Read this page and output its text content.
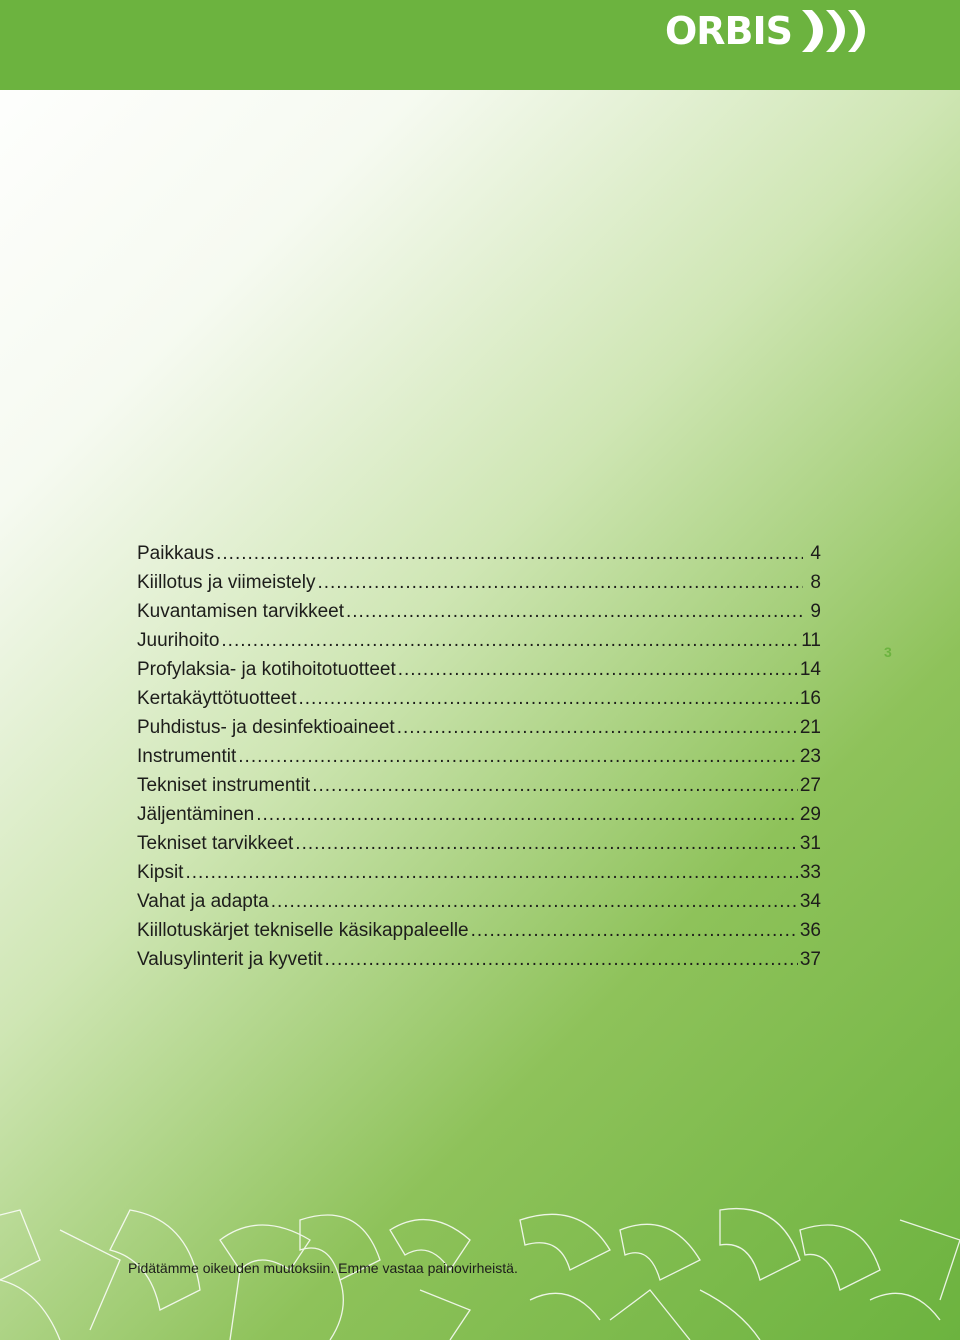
ORBIS
Paikkaus .....	4
Kiillotus ja viimeistely .....	8
Kuvantamisen tarvikkeet .....	9
Juurihoito .....	11
Profylaksia- ja kotihoitotuotteet .....	14
Kertakäyttötuotteet .....	16
Puhdistus- ja desinfektioaineet .....	21
Instrumentit .....	23
Tekniset instrumentit .....	27
Jäljentäminen .....	29
Tekniset tarvikkeet .....	31
Kipsit .....	33
Vahat ja adapta .....	34
Kiillotuskärjet tekniselle käsikappaleelle .....	36
Valusylinterit ja kyvetit .....	37
3
Pidätämme oikeuden muutoksiin. Emme vastaa painovirheistä.
